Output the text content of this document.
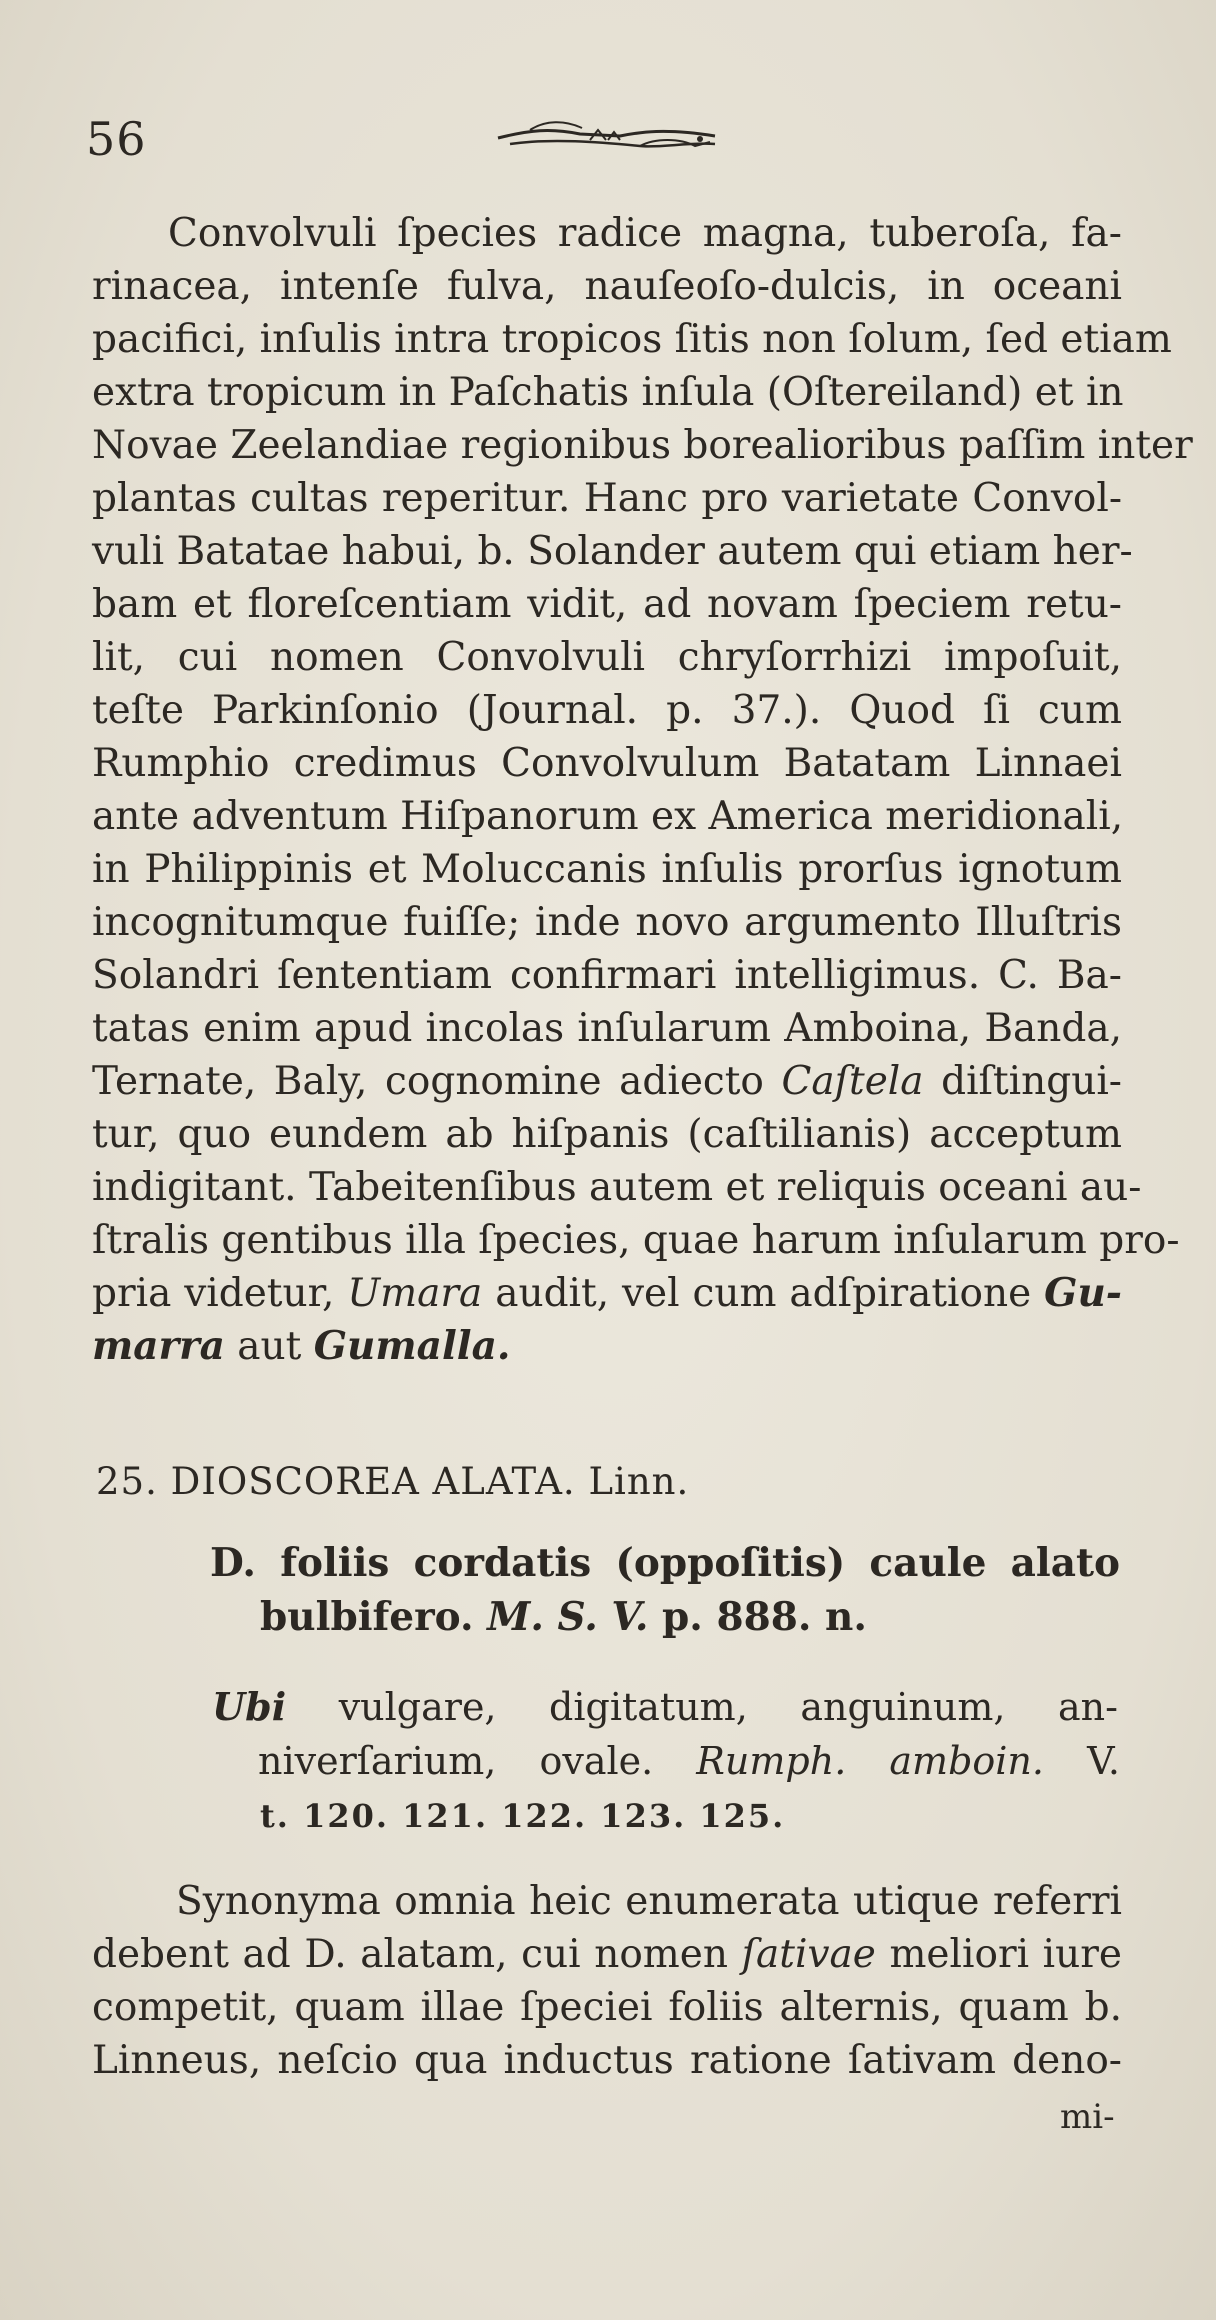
56
Convolvuli ſpecies radice magna, tuberoſa, fa-
rinacea, intenſe fulva, nauſeoſo-dulcis, in oceani
pacifici, inſulis intra tropicos ſitis non ſolum, ſed etiam
extra tropicum in Paſchatis inſula (Oſtereiland) et in
Novae Zeelandiae regionibus borealioribus paſſim inter
plantas cultas reperitur. Hanc pro varietate Convol-
vuli Batatae habui, b. Solander autem qui etiam her-
bam et floreſcentiam vidit, ad novam ſpeciem retu-
lit, cui nomen Convolvuli chryſorrhizi impoſuit,
teſte Parkinſonio (Journal. p. 37.). Quod ſi cum
Rumphio credimus Convolvulum Batatam Linnaei
ante adventum Hiſpanorum ex America meridionali,
in Philippinis et Moluccanis inſulis prorſus ignotum
incognitumque fuiſſe; inde novo argumento Illuſtris
Solandri ſententiam confirmari intelligimus. C. Ba-
tatas enim apud incolas inſularum Amboina, Banda,
Ternate, Baly, cognomine adiecto Caſtela diſtingui-
tur, quo eundem ab hiſpanis (caſtilianis) acceptum
indigitant. Tabeitenſibus autem et reliquis oceani au-
ſtralis gentibus illa ſpecies, quae harum inſularum pro-
pria videtur, Umara audit, vel cum adſpiratione Gu-
marra aut Gumalla.
25. DIOSCOREA ALATA. Linn.
D. foliis cordatis (oppoſitis) caule alato
bulbifero. M. S. V. p. 888. n.
Ubi vulgare, digitatum, anguinum, an-
niverſarium, ovale. Rumph. amboin. V.
t. 120. 121. 122. 123. 125.
Synonyma omnia heic enumerata utique referri
debent ad D. alatam, cui nomen ſativae meliori iure
competit, quam illae ſpeciei foliis alternis, quam b.
Linneus, neſcio qua inductus ratione ſativam deno-
mi-
